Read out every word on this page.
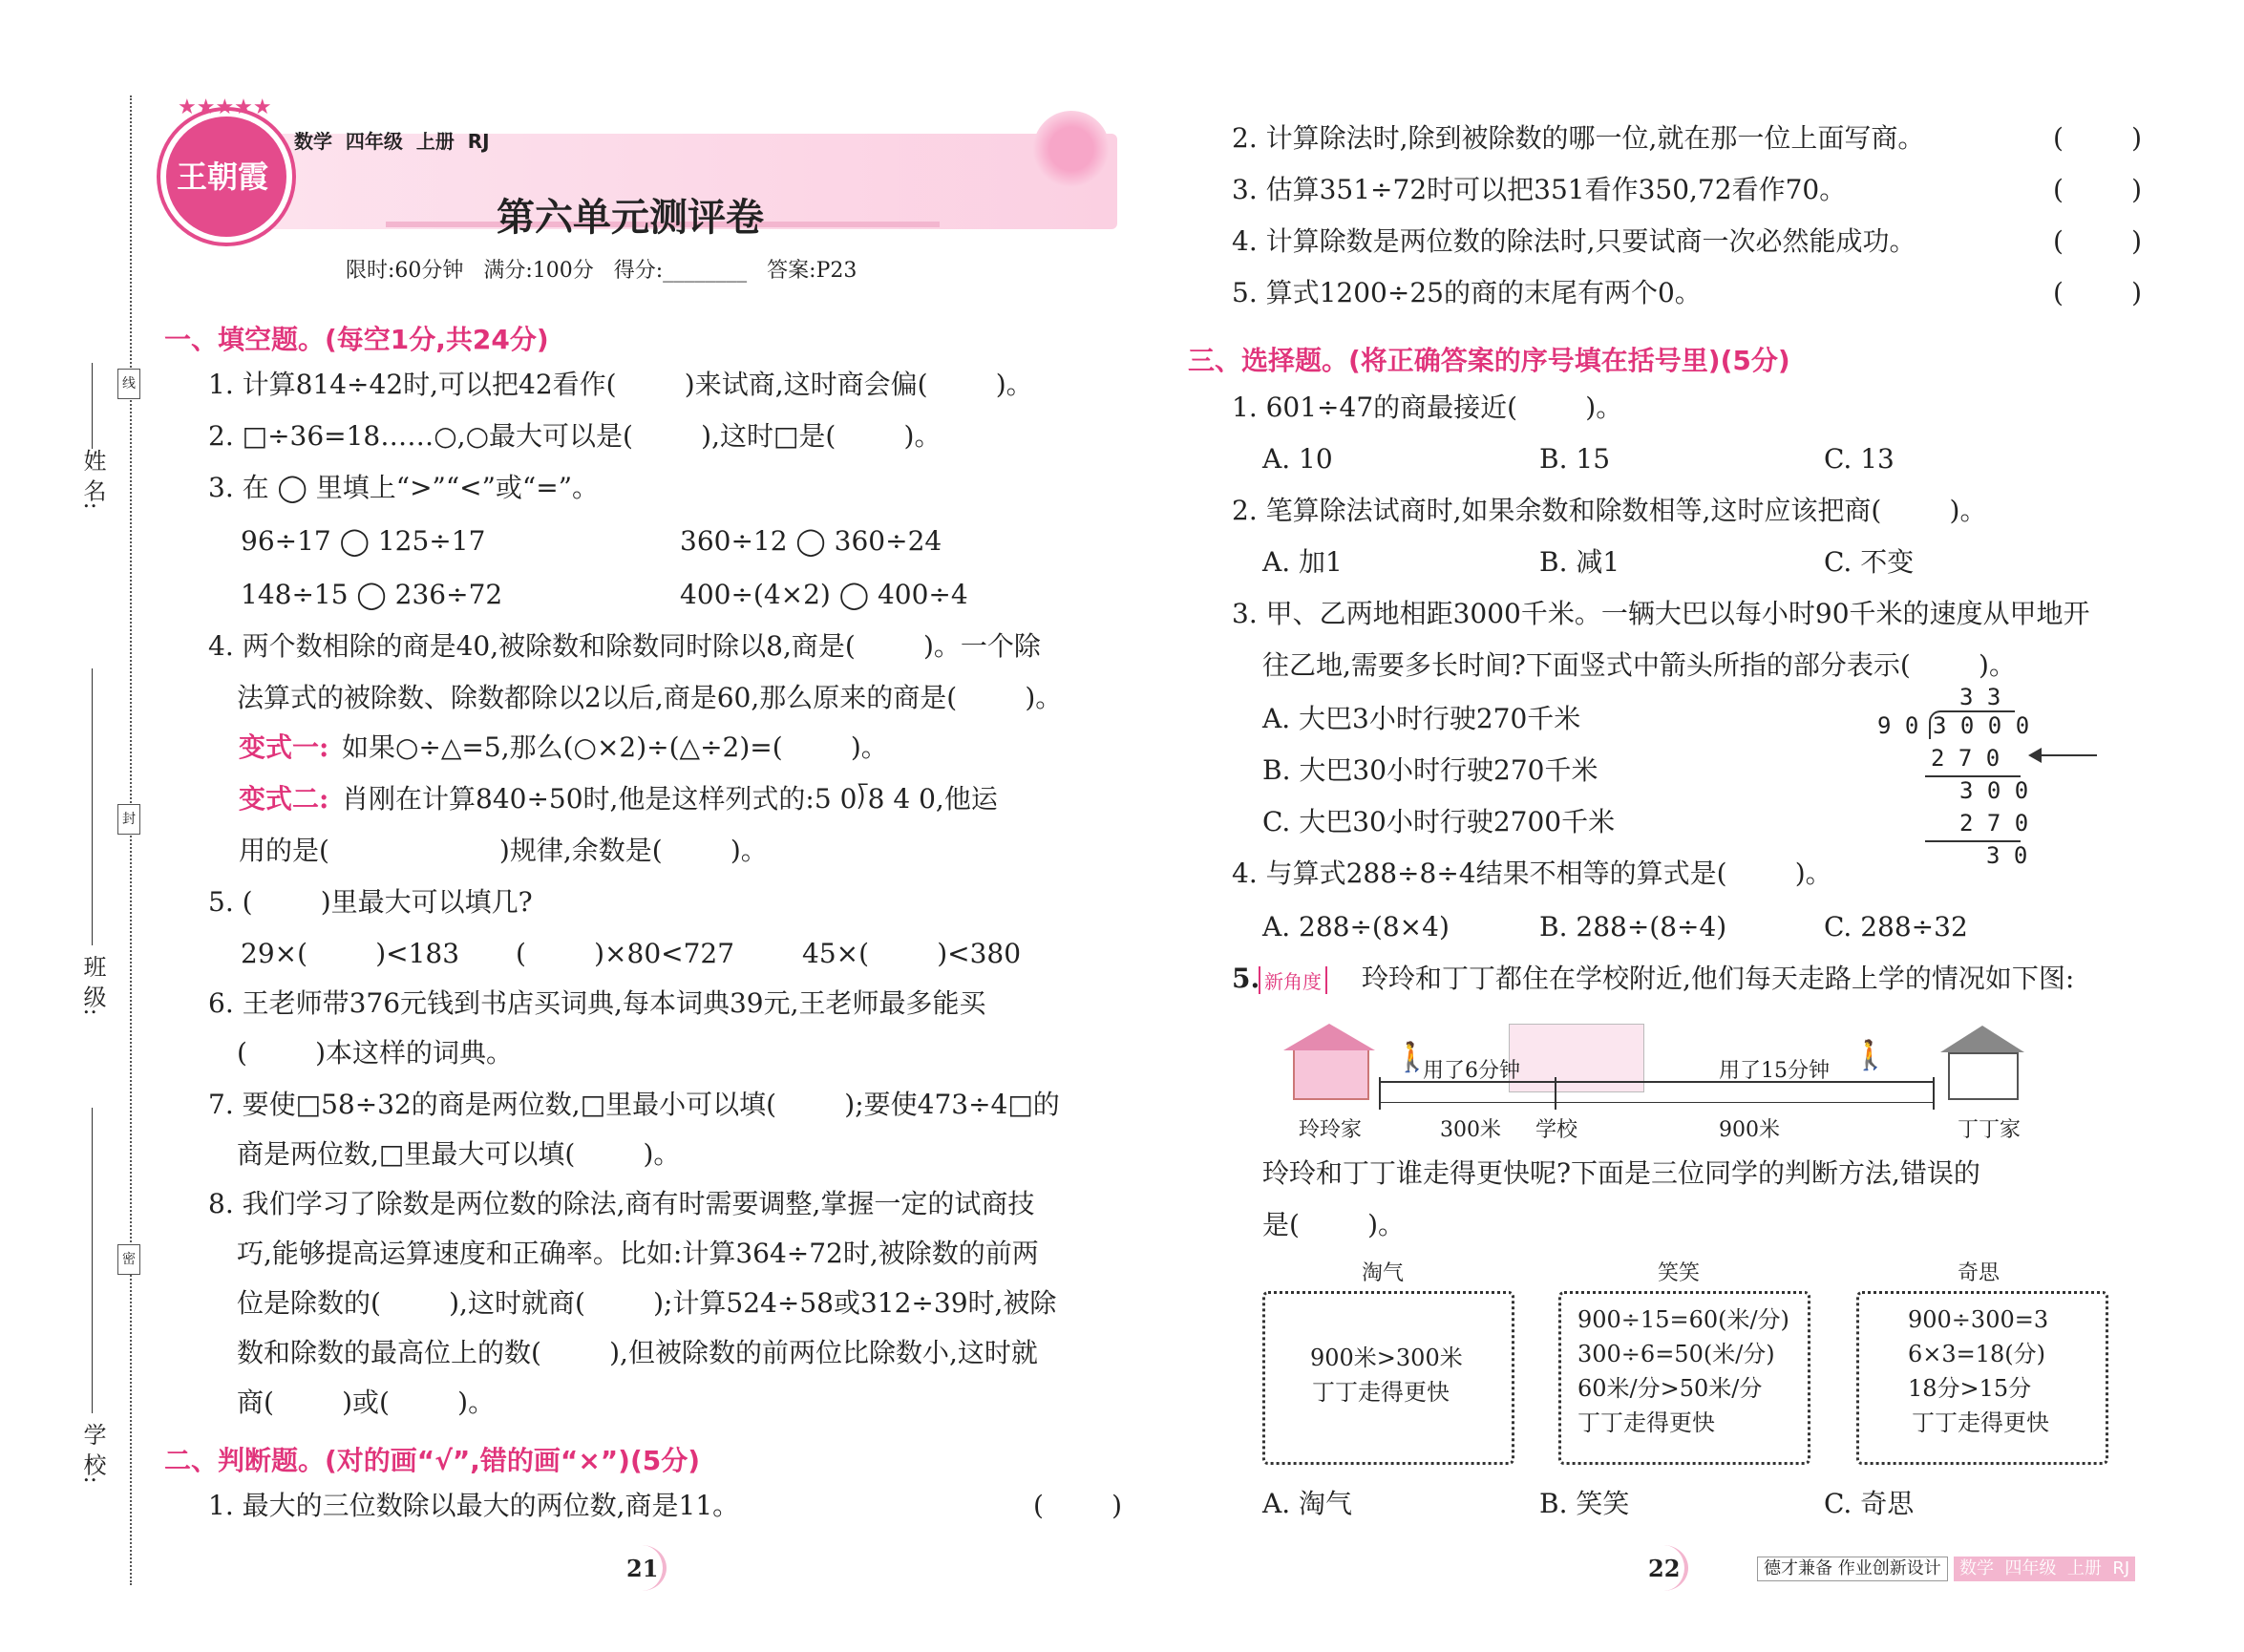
姓 名:
班 级:
学 校:
线
封
密
★★★★★
王朝霞
数学  四年级  上册  RJ
第六单元测评卷
限时:60分钟   满分:100分   得分:________   答案:P23
一、填空题。(每空1分,共24分)
1. 计算814÷42时,可以把42看作(        )来试商,这时商会偏(        )。
2. □÷36=18……○,○最大可以是(        ),这时□是(        )。
3. 在 ◯ 里填上“>”“<”或“=”。
96÷17 ◯ 125÷17	360÷12 ◯ 360÷24
148÷15 ◯ 236÷72	400÷(4×2) ◯ 400÷4
4. 两个数相除的商是40,被除数和除数同时除以8,商是(        )。一个除
法算式的被除数、除数都除以2以后,商是60,那么原来的商是(        )。
变式一: 如果○÷△=5,那么(○×2)÷(△÷2)=(        )。
变式二: 肖刚在计算840÷50时,他是这样列式的:5 0⟌8 4 0,他运
用的是(                    )规律,余数是(        )。
5. (        )里最大可以填几?
29×(        )<183 (        )×80<727	45×(        )<380
6. 王老师带376元钱到书店买词典,每本词典39元,王老师最多能买
(        )本这样的词典。
7. 要使□58÷32的商是两位数,□里最小可以填(        );要使473÷4□的
商是两位数,□里最大可以填(        )。
8. 我们学习了除数是两位数的除法,商有时需要调整,掌握一定的试商技
巧,能够提高运算速度和正确率。比如:计算364÷72时,被除数的前两
位是除数的(        ),这时就商(        );计算524÷58或312÷39时,被除
数和除数的最高位上的数(        ),但被除数的前两位比除数小,这时就
商(        )或(        )。
二、判断题。(对的画“√”,错的画“×”)(5分)
1. 最大的三位数除以最大的两位数,商是11。	(        )
2. 计算除法时,除到被除数的哪一位,就在那一位上面写商。	(        )
3. 估算351÷72时可以把351看作350,72看作70。	(        )
4. 计算除数是两位数的除法时,只要试商一次必然能成功。	(        )
5. 算式1200÷25的商的末尾有两个0。	(        )
三、选择题。(将正确答案的序号填在括号里)(5分)
1. 601÷47的商最接近(        )。
A. 10	B. 15	C. 13
2. 笔算除法试商时,如果余数和除数相等,这时应该把商(        )。
A. 加1	B. 减1	C. 不变
3. 甲、乙两地相距3000千米。一辆大巴以每小时90千米的速度从甲地开
往乙地,需要多长时间?下面竖式中箭头所指的部分表示(        )。
A. 大巴3小时行驶270千米
B. 大巴30小时行驶270千米
C. 大巴30小时行驶2700千米
3 3
9 0 3 0 0 0
2 7 0
3 0 0
2 7 0
3 0
4. 与算式288÷8÷4结果不相等的算式是(        )。
A. 288÷(8×4)	B. 288÷(8÷4)	C. 288÷32
5. 新角度 玲玲和丁丁都住在学校附近,他们每天走路上学的情况如下图:
🚶	🚶
用了6分钟	用了15分钟
玲玲家	300米 学校	900米	丁丁家
玲玲和丁丁谁走得更快呢?下面是三位同学的判断方法,错误的
是(        )。
淘气
900米>300米
丁丁走得更快
笑笑
900÷15=60(米/分)
300÷6=50(米/分)
60米/分>50米/分
丁丁走得更快
奇思
900÷300=3
6×3=18(分)
18分>15分
丁丁走得更快
A. 淘气	B. 笑笑	C. 奇思
21	22	德才兼备 作业创新设计	数学  四年级  上册  RJ
